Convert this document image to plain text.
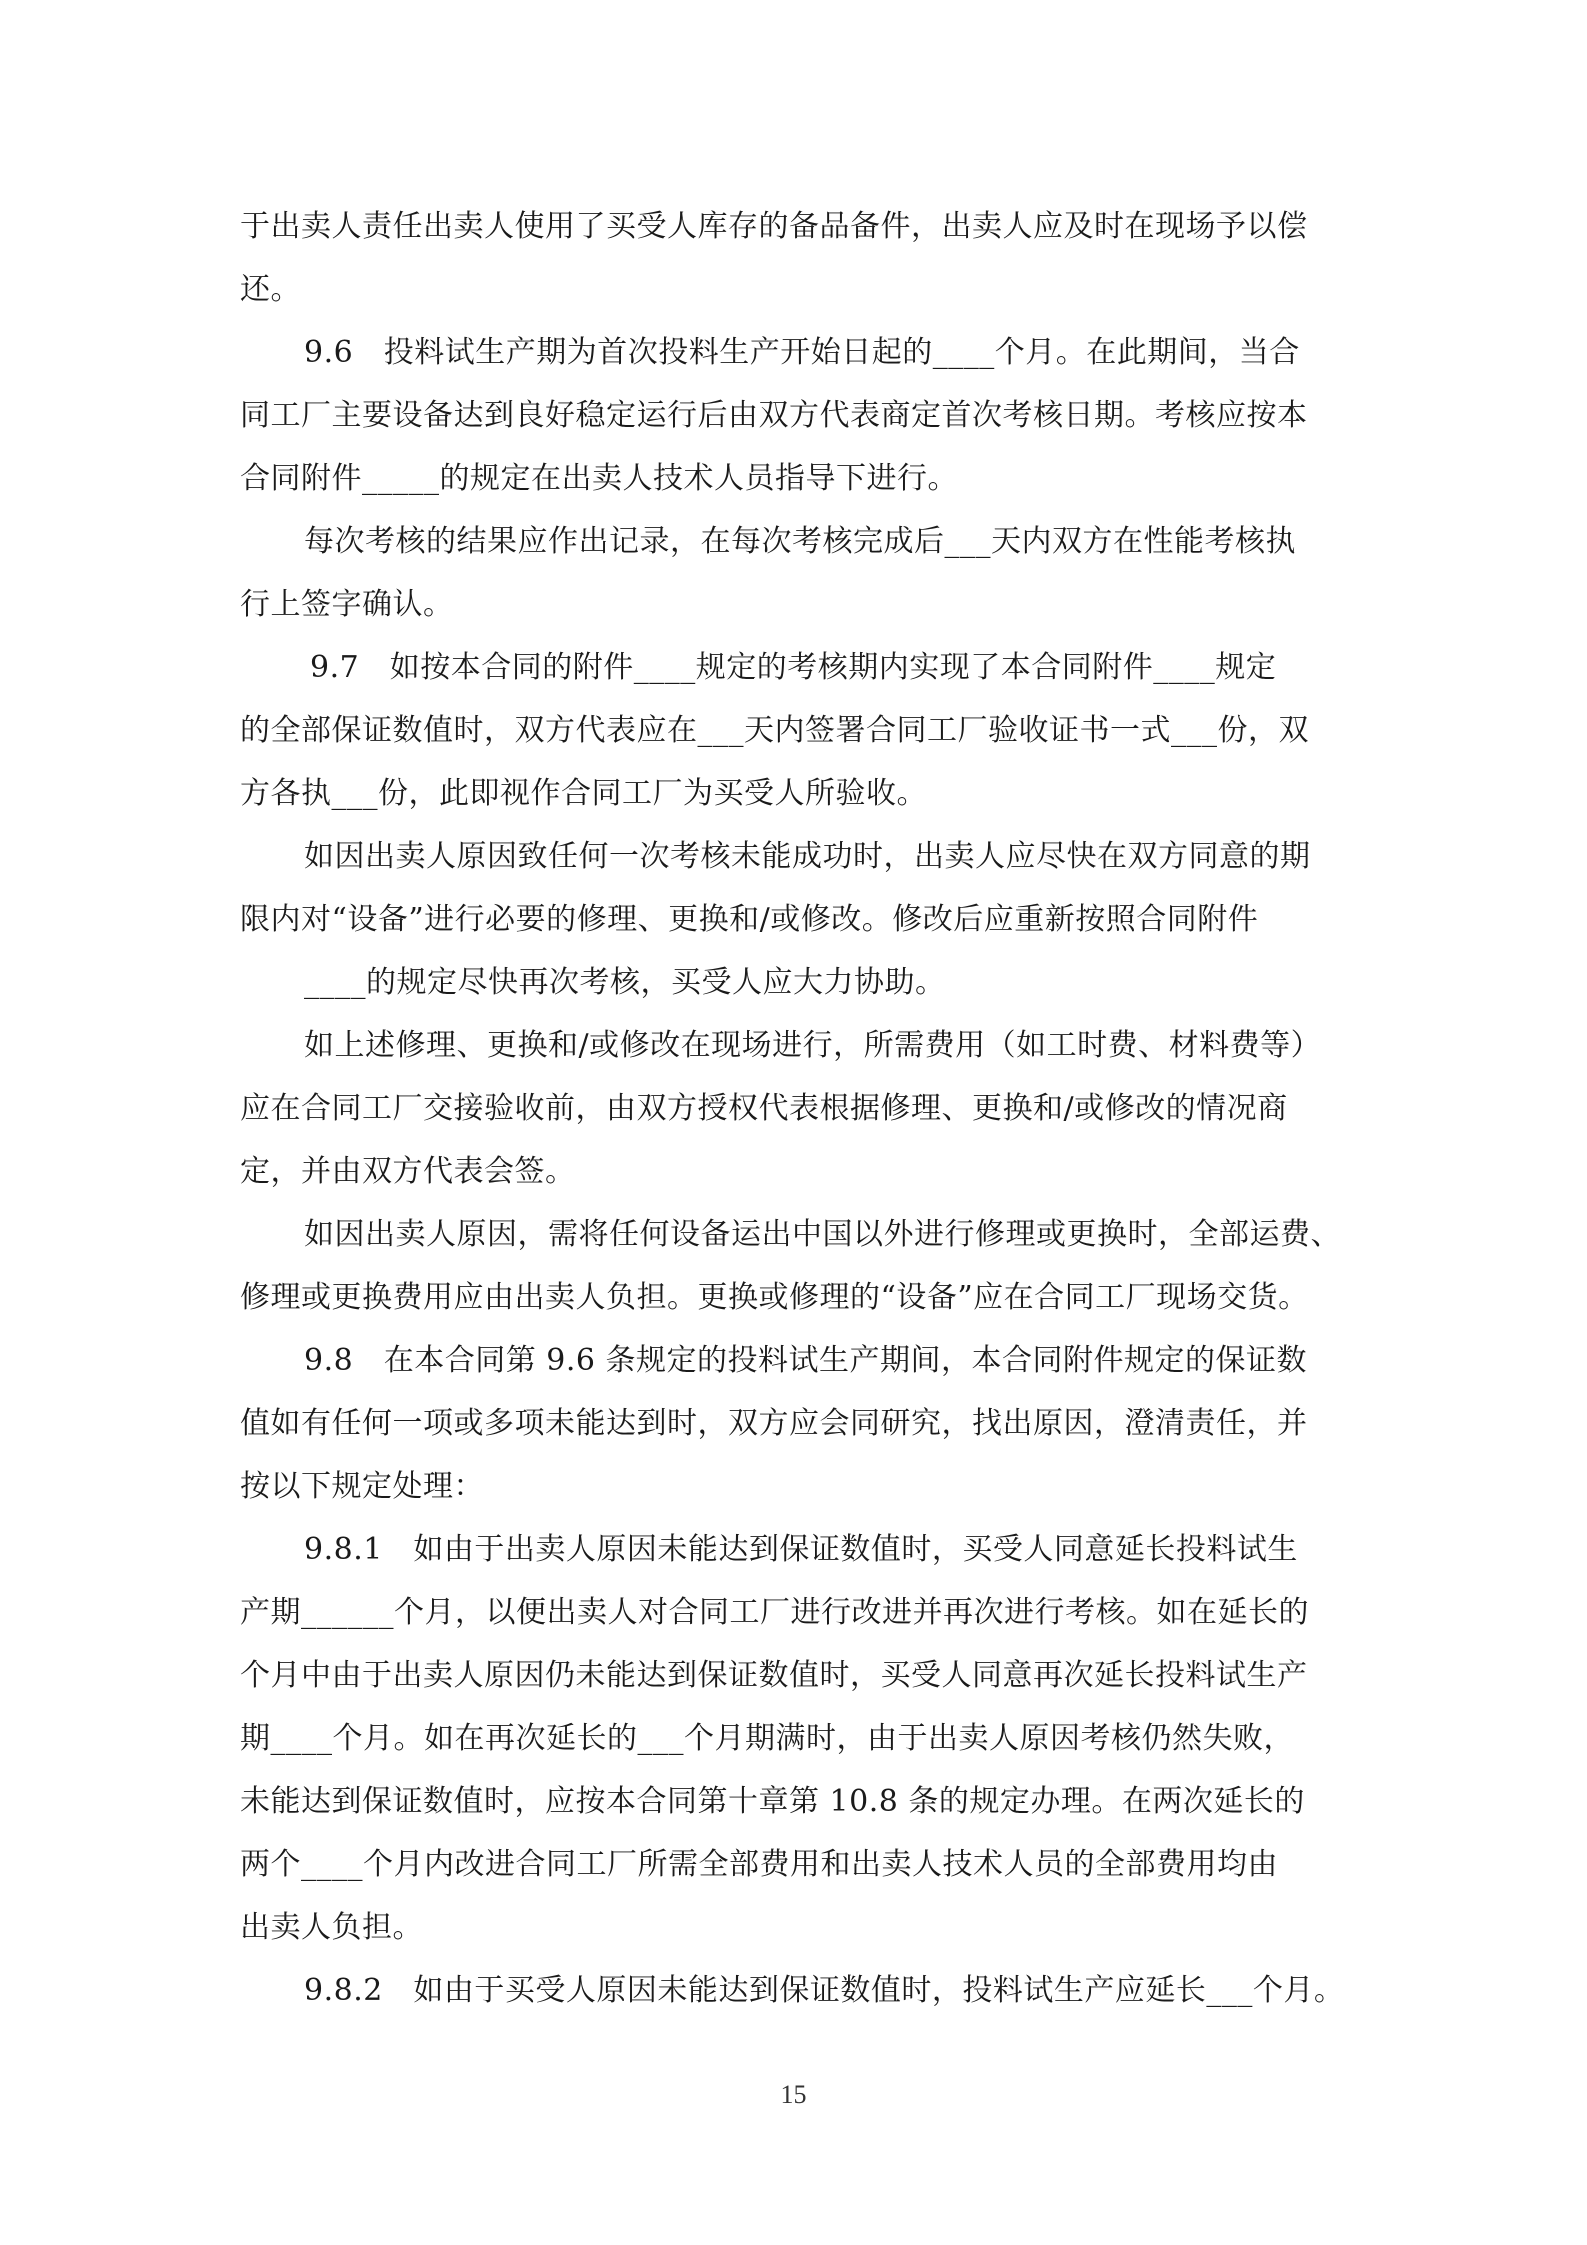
于出卖人责任出卖人使用了买受人库存的备品备件，出卖人应及时在现场予以偿
还。
9.6　投料试生产期为首次投料生产开始日起的____个月。在此期间，当合
同工厂主要设备达到良好稳定运行后由双方代表商定首次考核日期。考核应按本
合同附件_____的规定在出卖人技术人员指导下进行。
每次考核的结果应作出记录，在每次考核完成后___天内双方在性能考核执
行上签字确认。
9.7　如按本合同的附件____规定的考核期内实现了本合同附件____规定
的全部保证数值时，双方代表应在___天内签署合同工厂验收证书一式___份，双
方各执___份，此即视作合同工厂为买受人所验收。
如因出卖人原因致任何一次考核未能成功时，出卖人应尽快在双方同意的期
限内对“设备”进行必要的修理、更换和/或修改。修改后应重新按照合同附件
____的规定尽快再次考核，买受人应大力协助。
如上述修理、更换和/或修改在现场进行，所需费用（如工时费、材料费等）
应在合同工厂交接验收前，由双方授权代表根据修理、更换和/或修改的情况商
定，并由双方代表会签。
如因出卖人原因，需将任何设备运出中国以外进行修理或更换时，全部运费、
修理或更换费用应由出卖人负担。更换或修理的“设备”应在合同工厂现场交货。
9.8　在本合同第 9.6 条规定的投料试生产期间，本合同附件规定的保证数
值如有任何一项或多项未能达到时，双方应会同研究，找出原因，澄清责任，并
按以下规定处理：
9.8.1　如由于出卖人原因未能达到保证数值时，买受人同意延长投料试生
产期______个月，以便出卖人对合同工厂进行改进并再次进行考核。如在延长的
个月中由于出卖人原因仍未能达到保证数值时，买受人同意再次延长投料试生产
期____个月。如在再次延长的___个月期满时，由于出卖人原因考核仍然失败，
未能达到保证数值时，应按本合同第十章第 10.8 条的规定办理。在两次延长的
两个____个月内改进合同工厂所需全部费用和出卖人技术人员的全部费用均由
出卖人负担。
9.8.2　如由于买受人原因未能达到保证数值时，投料试生产应延长___个月。
15
